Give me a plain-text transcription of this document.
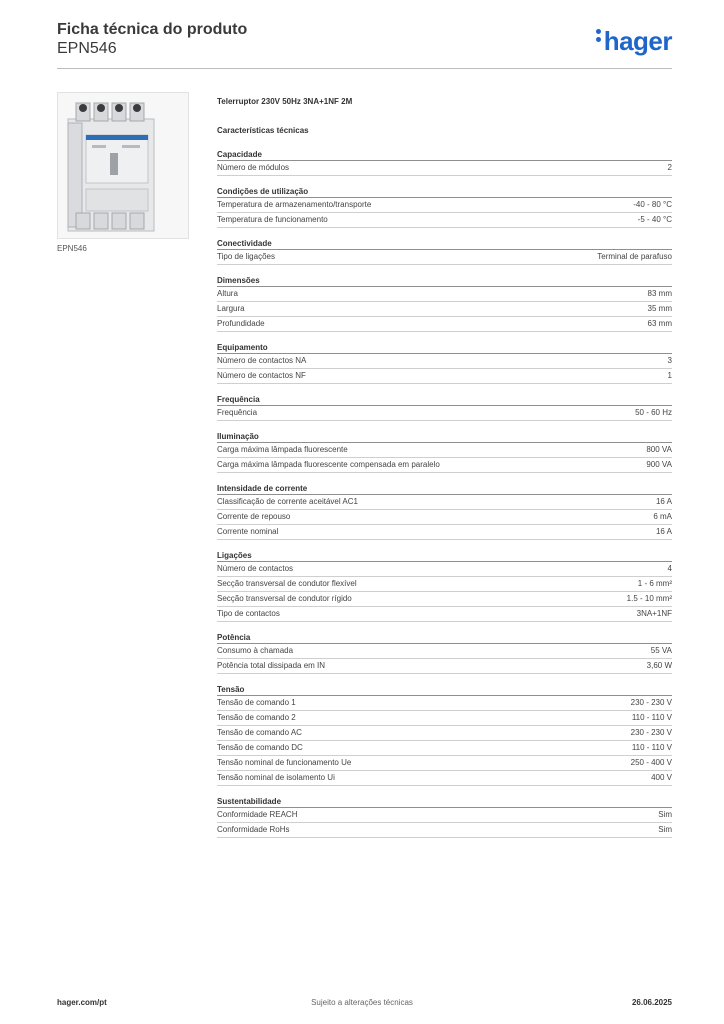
Ficha técnica do produto
EPN546	hager
EPN546
Telerruptor 230V 50Hz 3NA+1NF 2M
Características técnicas
Capacidade
Número de módulos	2
Condições de utilização
Temperatura de armazenamento/transporte	-40 - 80 °C
Temperatura de funcionamento	-5 - 40 °C
Conectividade
Tipo de ligações	Terminal de parafuso
Dimensões
Altura	83 mm
Largura	35 mm
Profundidade	63 mm
Equipamento
Número de contactos NA	3
Número de contactos NF	1
Frequência
Frequência	50 - 60 Hz
Iluminação
Carga máxima lâmpada fluorescente	800 VA
Carga máxima lâmpada fluorescente compensada em paralelo	900 VA
Intensidade de corrente
Classificação de corrente aceitável AC1	16 A
Corrente de repouso	6 mA
Corrente nominal	16 A
Ligações
Número de contactos	4
Secção transversal de condutor flexível	1 - 6 mm²
Secção transversal de condutor rígido	1.5 - 10 mm²
Tipo de contactos	3NA+1NF
Potência
Consumo à chamada	55 VA
Potência total dissipada em IN	3,60 W
Tensão
Tensão de comando 1	230 - 230 V
Tensão de comando 2	110 - 110 V
Tensão de comando AC	230 - 230 V
Tensão de comando DC	110 - 110 V
Tensão nominal de funcionamento Ue	250 - 400 V
Tensão nominal de isolamento Ui	400 V
Sustentabilidade
Conformidade REACH	Sim
Conformidade RoHs	Sim
hager.com/pt	Sujeito a alterações técnicas	26.06.2025
